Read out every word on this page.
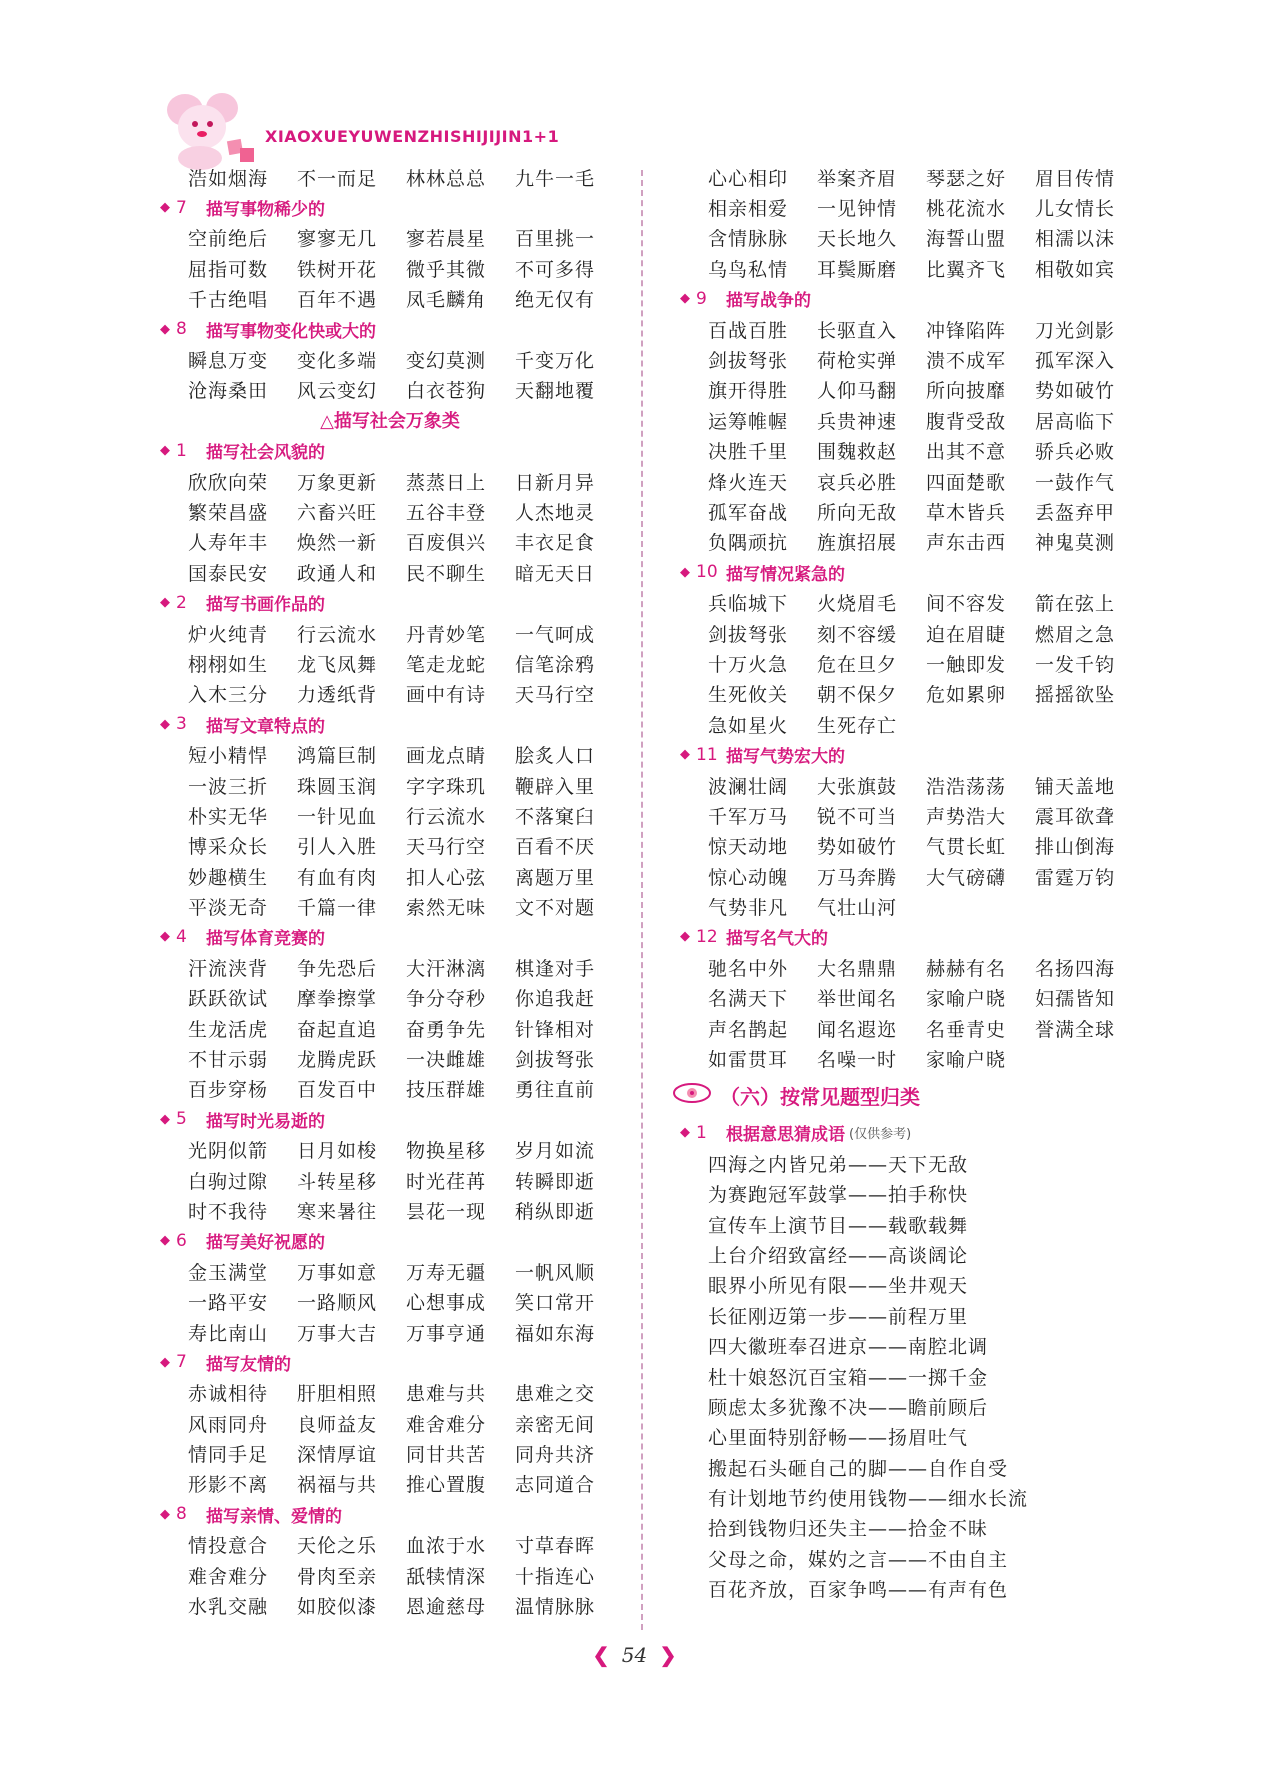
XIAOXUEYUWENZHISHIJIJIN1+1
浩如烟海	不一而足	林林总总	九牛一毛
◆ 7	描写事物稀少的
空前绝后	寥寥无几	寥若晨星	百里挑一
屈指可数	铁树开花	微乎其微	不可多得
千古绝唱	百年不遇	凤毛麟角	绝无仅有
◆ 8	描写事物变化快或大的
瞬息万变	变化多端	变幻莫测	千变万化
沧海桑田	风云变幻	白衣苍狗	天翻地覆
△描写社会万象类
◆ 1	描写社会风貌的
欣欣向荣	万象更新	蒸蒸日上	日新月异
繁荣昌盛	六畜兴旺	五谷丰登	人杰地灵
人寿年丰	焕然一新	百废俱兴	丰衣足食
国泰民安	政通人和	民不聊生	暗无天日
◆ 2	描写书画作品的
炉火纯青	行云流水	丹青妙笔	一气呵成
栩栩如生	龙飞凤舞	笔走龙蛇	信笔涂鸦
入木三分	力透纸背	画中有诗	天马行空
◆ 3	描写文章特点的
短小精悍	鸿篇巨制	画龙点睛	脍炙人口
一波三折	珠圆玉润	字字珠玑	鞭辟入里
朴实无华	一针见血	行云流水	不落窠臼
博采众长	引人入胜	天马行空	百看不厌
妙趣横生	有血有肉	扣人心弦	离题万里
平淡无奇	千篇一律	索然无味	文不对题
◆ 4	描写体育竞赛的
汗流浃背	争先恐后	大汗淋漓	棋逢对手
跃跃欲试	摩拳擦掌	争分夺秒	你追我赶
生龙活虎	奋起直追	奋勇争先	针锋相对
不甘示弱	龙腾虎跃	一决雌雄	剑拔弩张
百步穿杨	百发百中	技压群雄	勇往直前
◆ 5	描写时光易逝的
光阴似箭	日月如梭	物换星移	岁月如流
白驹过隙	斗转星移	时光荏苒	转瞬即逝
时不我待	寒来暑往	昙花一现	稍纵即逝
◆ 6	描写美好祝愿的
金玉满堂	万事如意	万寿无疆	一帆风顺
一路平安	一路顺风	心想事成	笑口常开
寿比南山	万事大吉	万事亨通	福如东海
◆ 7	描写友情的
赤诚相待	肝胆相照	患难与共	患难之交
风雨同舟	良师益友	难舍难分	亲密无间
情同手足	深情厚谊	同甘共苦	同舟共济
形影不离	祸福与共	推心置腹	志同道合
◆ 8	描写亲情、爱情的
情投意合	天伦之乐	血浓于水	寸草春晖
难舍难分	骨肉至亲	舐犊情深	十指连心
水乳交融	如胶似漆	恩逾慈母	温情脉脉
心心相印	举案齐眉	琴瑟之好	眉目传情
相亲相爱	一见钟情	桃花流水	儿女情长
含情脉脉	天长地久	海誓山盟	相濡以沫
乌鸟私情	耳鬓厮磨	比翼齐飞	相敬如宾
◆ 9	描写战争的
百战百胜	长驱直入	冲锋陷阵	刀光剑影
剑拔弩张	荷枪实弹	溃不成军	孤军深入
旗开得胜	人仰马翻	所向披靡	势如破竹
运筹帷幄	兵贵神速	腹背受敌	居高临下
决胜千里	围魏救赵	出其不意	骄兵必败
烽火连天	哀兵必胜	四面楚歌	一鼓作气
孤军奋战	所向无敌	草木皆兵	丢盔弃甲
负隅顽抗	旌旗招展	声东击西	神鬼莫测
◆ 10 描写情况紧急的
兵临城下	火烧眉毛	间不容发	箭在弦上
剑拔弩张	刻不容缓	迫在眉睫	燃眉之急
十万火急	危在旦夕	一触即发	一发千钧
生死攸关	朝不保夕	危如累卵	摇摇欲坠
急如星火	生死存亡
◆ 11 描写气势宏大的
波澜壮阔	大张旗鼓	浩浩荡荡	铺天盖地
千军万马	锐不可当	声势浩大	震耳欲聋
惊天动地	势如破竹	气贯长虹	排山倒海
惊心动魄	万马奔腾	大气磅礴	雷霆万钧
气势非凡	气壮山河
◆ 12 描写名气大的
驰名中外	大名鼎鼎	赫赫有名	名扬四海
名满天下	举世闻名	家喻户晓	妇孺皆知
声名鹊起	闻名遐迩	名垂青史	誉满全球
如雷贯耳	名噪一时	家喻户晓
（六）按常见题型归类
◆ 1	根据意思猜成语 (仅供参考)
四海之内皆兄弟——天下无敌
为赛跑冠军鼓掌——拍手称快
宣传车上演节目——载歌载舞
上台介绍致富经——高谈阔论
眼界小所见有限——坐井观天
长征刚迈第一步——前程万里
四大徽班奉召进京——南腔北调
杜十娘怒沉百宝箱——一掷千金
顾虑太多犹豫不决——瞻前顾后
心里面特别舒畅——扬眉吐气
搬起石头砸自己的脚——自作自受
有计划地节约使用钱物——细水长流
拾到钱物归还失主——拾金不昧
父母之命，媒妁之言——不由自主
百花齐放，百家争鸣——有声有色
❮ 54 ❯
